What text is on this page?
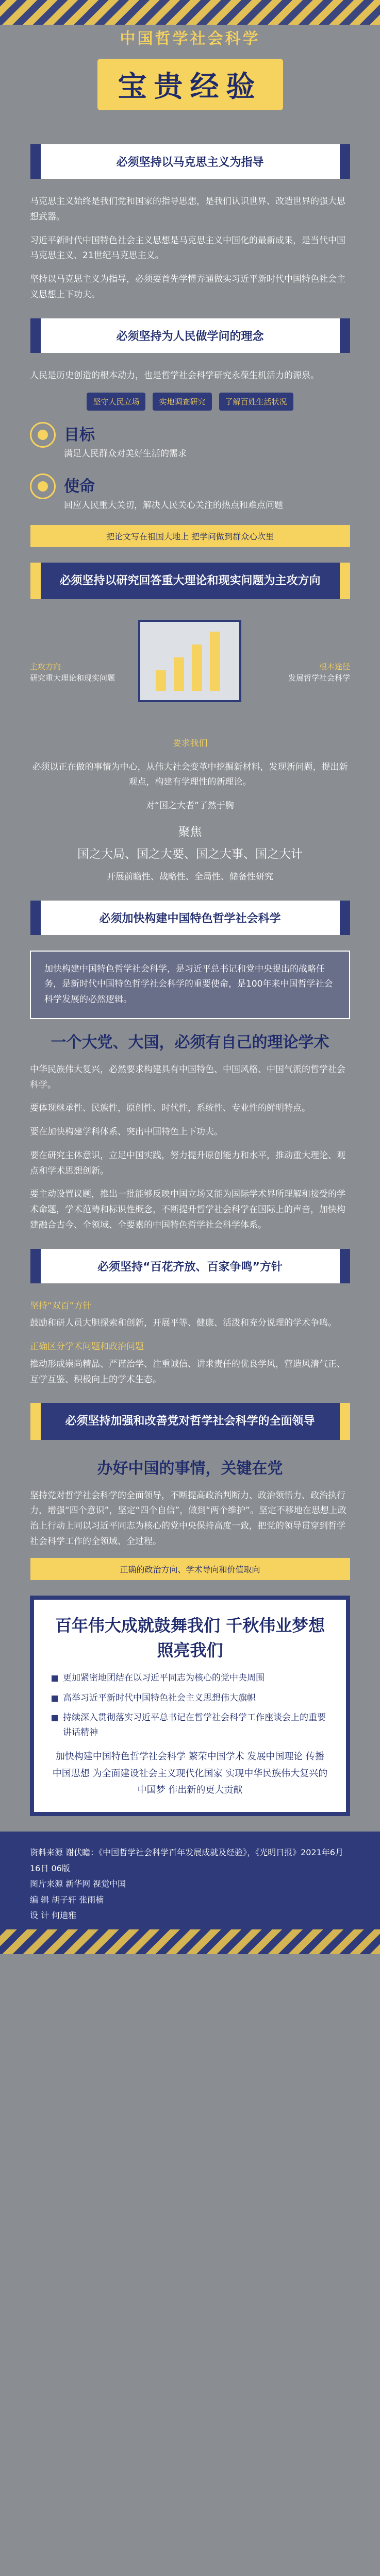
中国哲学社会科学
宝贵经验
必须坚持以马克思主义为指导

马克思主义始终是我们党和国家的指导思想，是我们认识世界、改造世界的强大思想武器。

习近平新时代中国特色社会主义思想是马克思主义中国化的最新成果，是当代中国马克思主义、21世纪马克思主义。

坚持以马克思主义为指导，必须要首先学懂弄通做实习近平新时代中国特色社会主义思想上下功夫。

必须坚持为人民做学问的理念

人民是历史创造的根本动力，也是哲学社会科学研究永葆生机活力的源泉。

坚守人民立场	实地调查研究	了解百姓生活状况
目标

满足人民群众对美好生活的需求

使命

回应人民重大关切，解决人民关心关注的热点和难点问题

把论文写在祖国大地上 把学问做到群众心坎里
必须坚持以研究回答重大理论和现实问题为主攻方向
主攻方向
研究重大理论和现实问题
根本途径
发展哲学社会科学

要求我们

必须以正在做的事情为中心，从伟大社会变革中挖掘新材料，发现新问题，提出新观点，构建有学理性的新理论。

对“国之大者”了然于胸

聚焦
国之大局、国之大要、国之大事、国之大计

开展前瞻性、战略性、全局性、储备性研究

必须加快构建中国特色哲学社会科学

加快构建中国特色哲学社会科学，是习近平总书记和党中央提出的战略任务，是新时代中国特色哲学社会科学的重要使命，是100年来中国哲学社会科学发展的必然逻辑。

一个大党、大国，必须有自己的理论学术

中华民族伟大复兴，必然要求构建具有中国特色、中国风格、中国气派的哲学社会科学。

要体现继承性、民族性，原创性、时代性，系统性、专业性的鲜明特点。

要在加快构建学科体系、突出中国特色上下功夫。

要在研究主体意识，立足中国实践，努力提升原创能力和水平，推动重大理论、观点和学术思想创新。

要主动设置议题，推出一批能够反映中国立场又能为国际学术界所理解和接受的学术命题，学术范畴和标识性概念，不断提升哲学社会科学在国际上的声音，加快构建融合古今、全领域、全要素的中国特色哲学社会科学体系。

必须坚持“百花齐放、百家争鸣”方针

坚持“双百”方针

鼓励和研人员大胆探索和创新，开展平等、健康、活泼和充分说理的学术争鸣。

正确区分学术问题和政治问题

推动形成崇尚精品、严谨治学、注重诚信、讲求责任的优良学风，营造风清气正、互学互鉴、积极向上的学术生态。

必须坚持加强和改善党对哲学社会科学的全面领导
办好中国的事情，关键在党

坚持党对哲学社会科学的全面领导，不断提高政治判断力、政治领悟力、政治执行力，增强“四个意识”，坚定“四个自信”，做到“两个维护”。坚定不移地在思想上政治上行动上同以习近平同志为核心的党中央保持高度一致，把党的领导贯穿到哲学社会科学工作的全领域、全过程。

正确的政治方向、学术导向和价值取向
百年伟大成就鼓舞我们 千秋伟业梦想照亮我们
更加紧密地团结在以习近平同志为核心的党中央周围
高举习近平新时代中国特色社会主义思想伟大旗帜
持续深入贯彻落实习近平总书记在哲学社会科学工作座谈会上的重要讲话精神
加快构建中国特色哲学社会科学 繁荣中国学术 发展中国理论 传播中国思想 为全面建设社会主义现代化国家 实现中华民族伟大复兴的中国梦 作出新的更大贡献
资料来源 谢伏瞻：《中国哲学社会科学百年发展成就及经验》，《光明日报》2021年6月16日 06版
图片来源 新华网 视觉中国
编 辑 胡子轩 张雨楠
设 计 何迪雅
